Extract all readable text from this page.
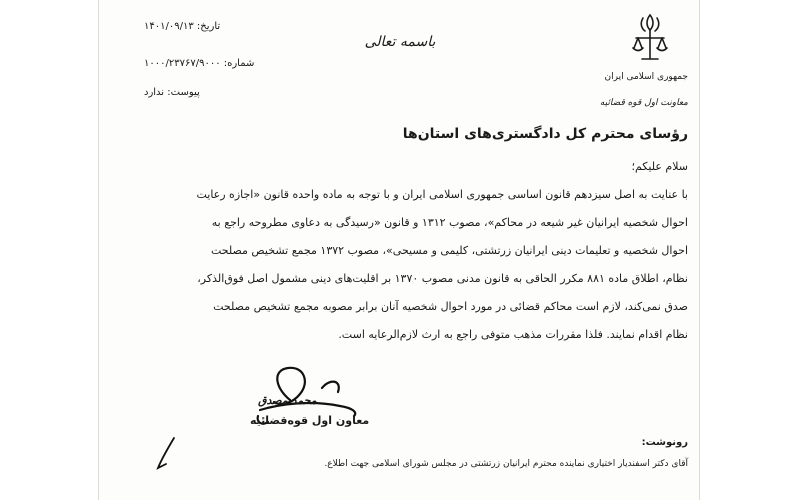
جمهوری اسلامی ایران
معاونت اول قوه قضائیه
باسمه تعالی
تاریخ: ۱۴۰۱/۰۹/۱۳
شماره: ۱۰۰۰/۲۳۷۶۷/۹۰۰۰
پیوست: ندارد
رؤسای محترم کل دادگستری‌های استان‌ها
سلام علیکم؛
با عنایت به اصل سیزدهم قانون اساسی جمهوری اسلامی ایران و با توجه به ماده واحده قانون «اجازه رعایت
احوال شخصیه ایرانیان غیر شیعه در محاکم»، مصوب ۱۳۱۲ و قانون «رسیدگی به دعاوی مطروحه راجع به
احوال شخصیه و تعلیمات دینی ایرانیان زرتشتی، کلیمی و مسیحی»، مصوب ۱۳۷۲ مجمع تشخیص مصلحت
نظام، اطلاق ماده ۸۸۱ مکرر الحاقی به قانون مدنی مصوب ۱۳۷۰ بر اقلیت‌های دینی مشمول اصل فوق‌الذکر،
صدق نمی‌کند، لازم است محاکم قضائی در مورد احوال شخصیه آنان برابر مصوبه مجمع تشخیص مصلحت
نظام اقدام نمایند. فلذا مقررات مذهب متوفی راجع به ارث لازم‌الرعایه است.
محمد مصدق
معاون اول قوه‌قضائیه
رونوشت:
آقای دکتر اسفندیار اختیاری نماینده محترم ایرانیان زرتشتی در مجلس شورای اسلامی جهت اطلاع.
